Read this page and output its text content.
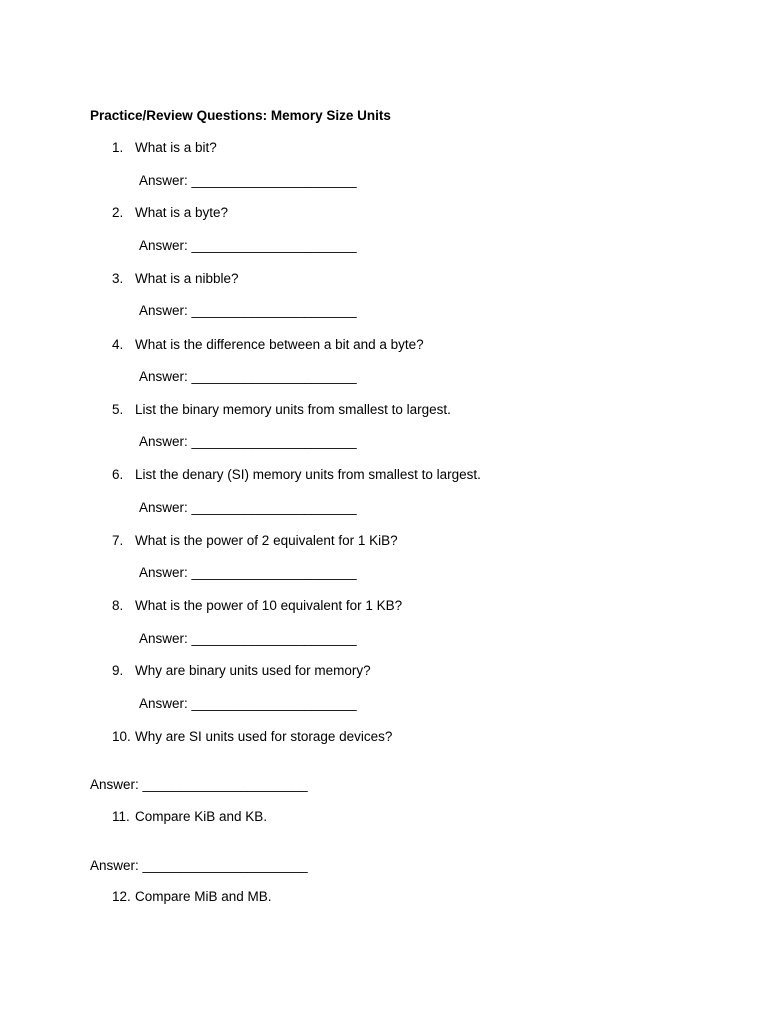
Practice/Review Questions: Memory Size Units
1. What is a bit?
Answer: ______________________
2. What is a byte?
Answer: ______________________
3. What is a nibble?
Answer: ______________________
4. What is the difference between a bit and a byte?
Answer: ______________________
5. List the binary memory units from smallest to largest.
Answer: ______________________
6. List the denary (SI) memory units from smallest to largest.
Answer: ______________________
7. What is the power of 2 equivalent for 1 KiB?
Answer: ______________________
8. What is the power of 10 equivalent for 1 KB?
Answer: ______________________
9. Why are binary units used for memory?
Answer: ______________________
10. Why are SI units used for storage devices?
Answer: ______________________
11. Compare KiB and KB.
Answer: ______________________
12. Compare MiB and MB.
